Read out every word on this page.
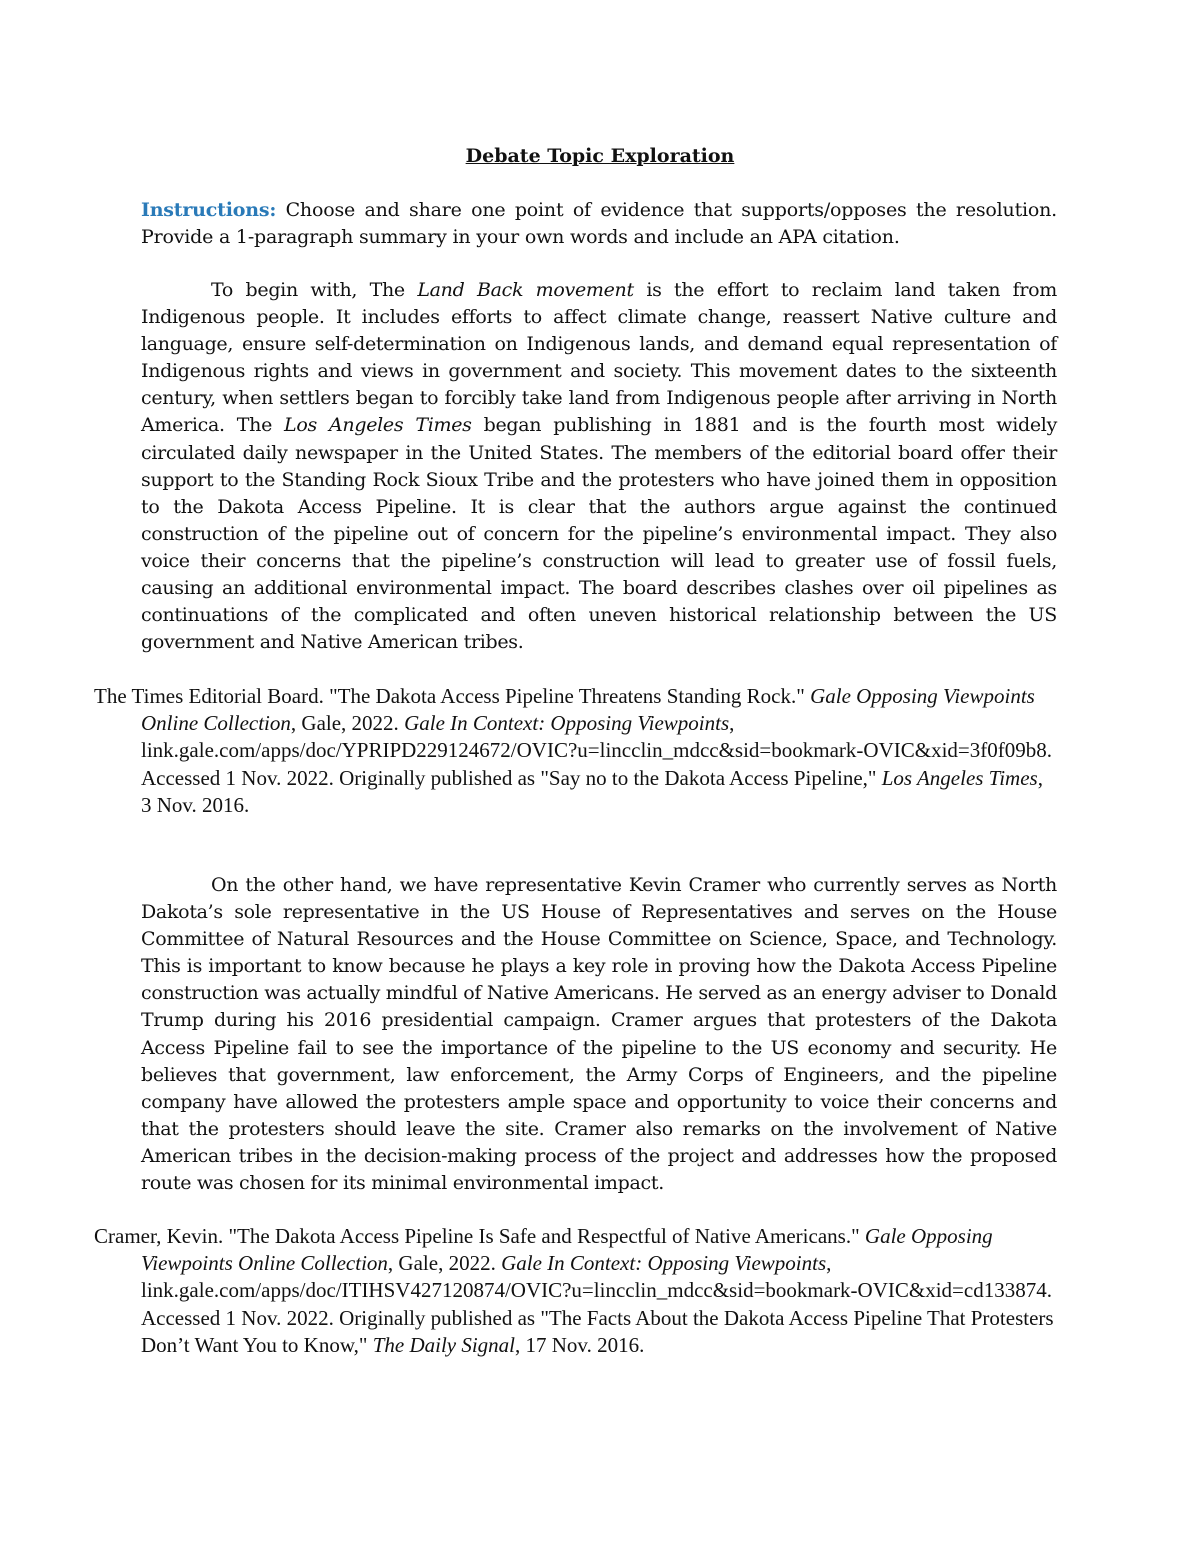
Debate Topic Exploration
Instructions: Choose and share one point of evidence that supports/opposes the resolution. Provide a 1-paragraph summary in your own words and include an APA citation.
To begin with, The Land Back movement is the effort to reclaim land taken from Indigenous people. It includes efforts to affect climate change, reassert Native culture and language, ensure self-determination on Indigenous lands, and demand equal representation of Indigenous rights and views in government and society. This movement dates to the sixteenth century, when settlers began to forcibly take land from Indigenous people after arriving in North America. The Los Angeles Times began publishing in 1881 and is the fourth most widely circulated daily newspaper in the United States. The members of the editorial board offer their support to the Standing Rock Sioux Tribe and the protesters who have joined them in opposition to the Dakota Access Pipeline. It is clear that the authors argue against the continued construction of the pipeline out of concern for the pipeline’s environmental impact. They also voice their concerns that the pipeline’s construction will lead to greater use of fossil fuels, causing an additional environmental impact. The board describes clashes over oil pipelines as continuations of the complicated and often uneven historical relationship between the US government and Native American tribes.
The Times Editorial Board. "The Dakota Access Pipeline Threatens Standing Rock." Gale Opposing Viewpoints Online Collection, Gale, 2022. Gale In Context: Opposing Viewpoints, link.gale.com/apps/doc/YPRIPD229124672/OVIC?u=lincclin_mdcc&sid=bookmark-OVIC&xid=3f0f09b8. Accessed 1 Nov. 2022. Originally published as "Say no to the Dakota Access Pipeline," Los Angeles Times, 3 Nov. 2016.
On the other hand, we have representative Kevin Cramer who currently serves as North Dakota’s sole representative in the US House of Representatives and serves on the House Committee of Natural Resources and the House Committee on Science, Space, and Technology. This is important to know because he plays a key role in proving how the Dakota Access Pipeline construction was actually mindful of Native Americans. He served as an energy adviser to Donald Trump during his 2016 presidential campaign. Cramer argues that protesters of the Dakota Access Pipeline fail to see the importance of the pipeline to the US economy and security. He believes that government, law enforcement, the Army Corps of Engineers, and the pipeline company have allowed the protesters ample space and opportunity to voice their concerns and that the protesters should leave the site. Cramer also remarks on the involvement of Native American tribes in the decision-making process of the project and addresses how the proposed route was chosen for its minimal environmental impact.
Cramer, Kevin. "The Dakota Access Pipeline Is Safe and Respectful of Native Americans." Gale Opposing Viewpoints Online Collection, Gale, 2022. Gale In Context: Opposing Viewpoints, link.gale.com/apps/doc/ITIHSV427120874/OVIC?u=lincclin_mdcc&sid=bookmark-OVIC&xid=cd133874. Accessed 1 Nov. 2022. Originally published as "The Facts About the Dakota Access Pipeline That Protesters Don’t Want You to Know," The Daily Signal, 17 Nov. 2016.
